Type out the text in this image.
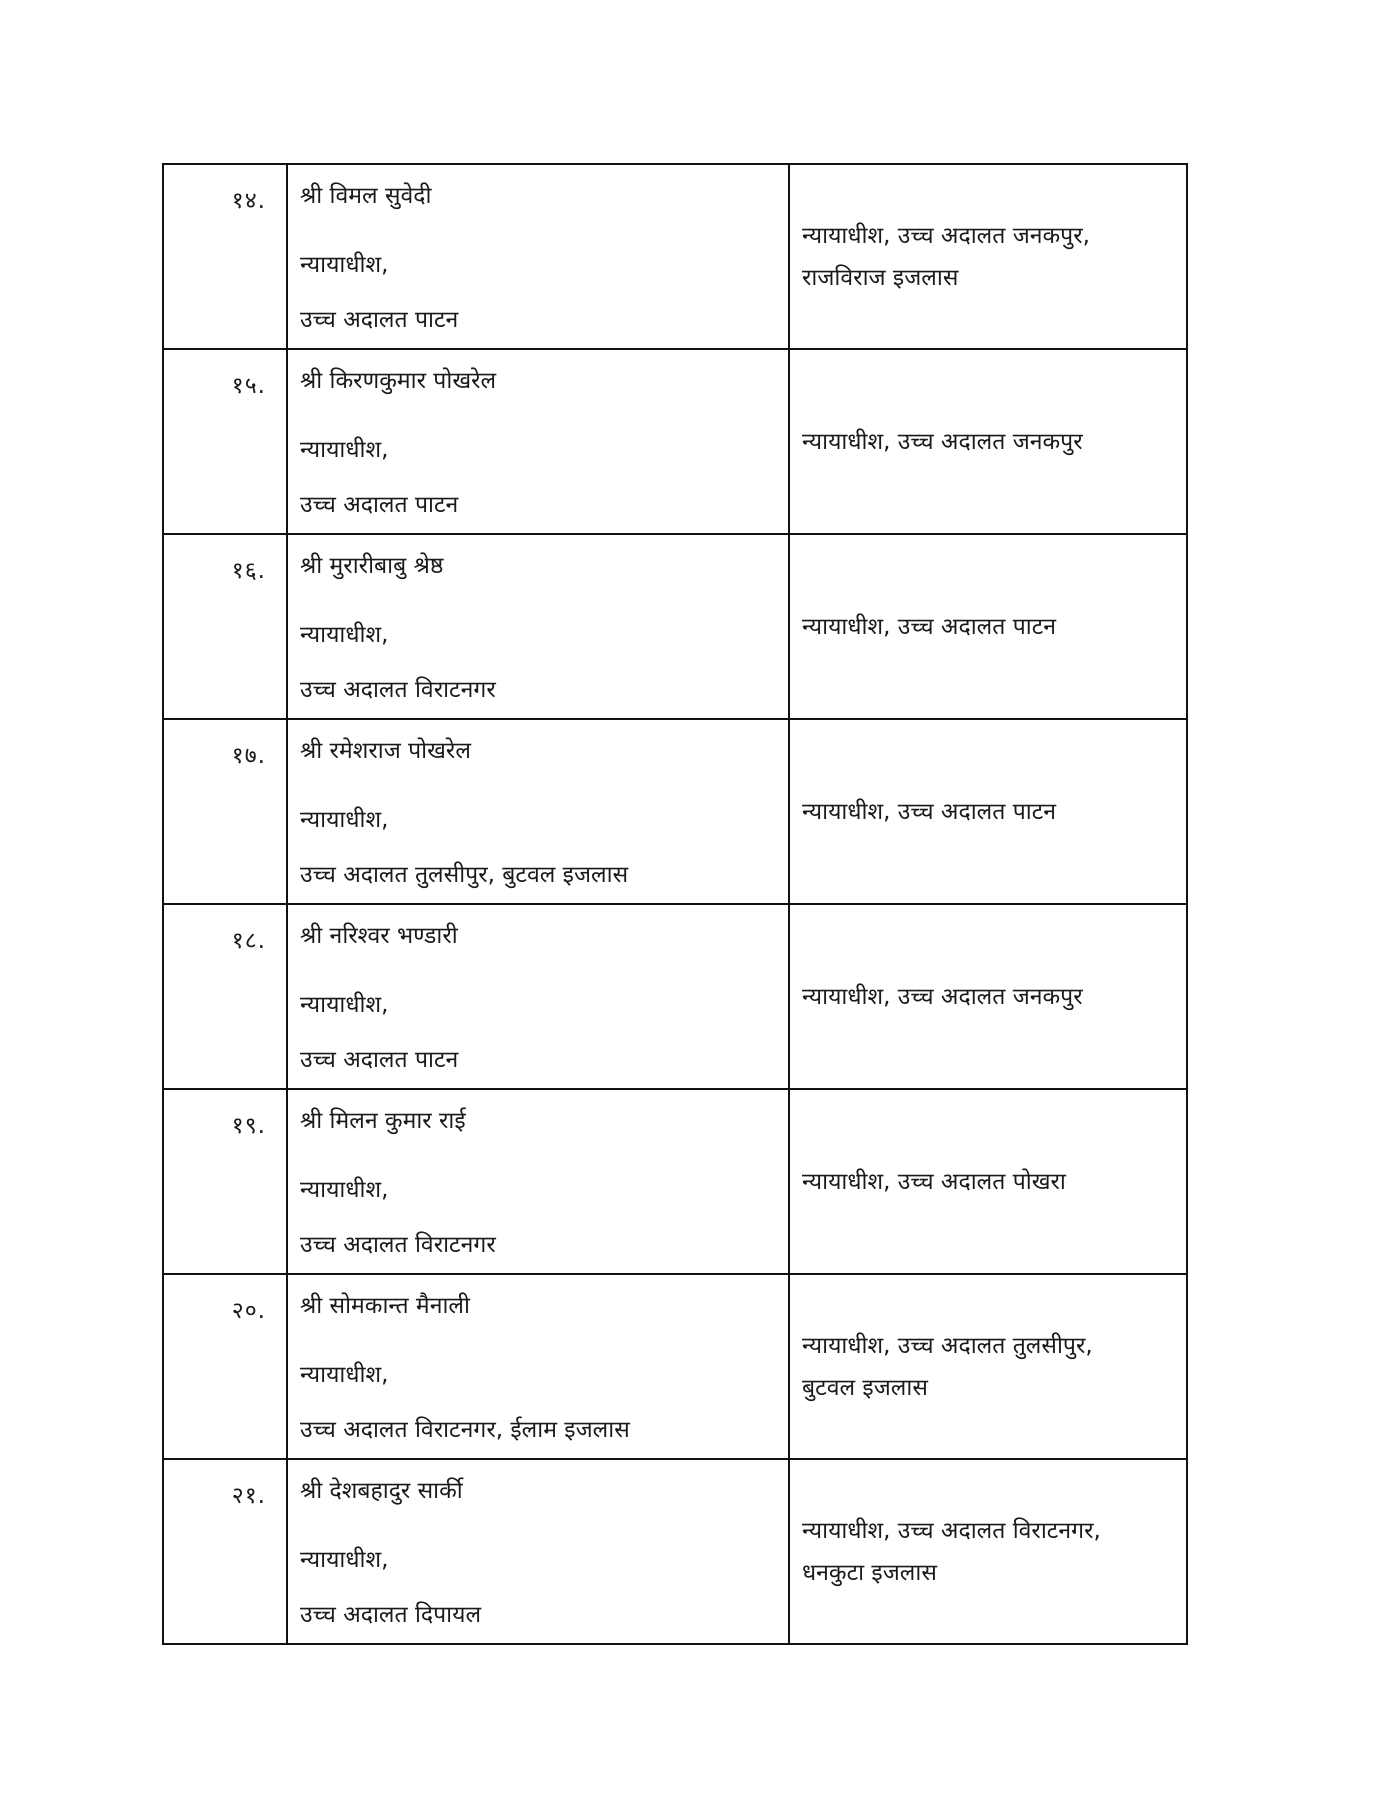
१४.	श्री विमल सुवेदी
न्यायाधीश,
उच्च अदालत पाटन	न्यायाधीश, उच्च अदालत जनकपुर,
राजविराज इजलास

१५.	श्री किरणकुमार पोखरेल
न्यायाधीश,
उच्च अदालत पाटन	न्यायाधीश, उच्च अदालत जनकपुर

१६.	श्री मुरारीबाबु श्रेष्ठ
न्यायाधीश,
उच्च अदालत विराटनगर	न्यायाधीश, उच्च अदालत पाटन

१७.	श्री रमेशराज पोखरेल
न्यायाधीश,
उच्च अदालत तुलसीपुर, बुटवल इजलास	न्यायाधीश, उच्च अदालत पाटन

१८.	श्री नरिश्वर भण्डारी
न्यायाधीश,
उच्च अदालत पाटन	न्यायाधीश, उच्च अदालत जनकपुर

१९.	श्री मिलन कुमार राई
न्यायाधीश,
उच्च अदालत विराटनगर	न्यायाधीश, उच्च अदालत पोखरा

२०.	श्री सोमकान्त मैनाली
न्यायाधीश,
उच्च अदालत विराटनगर, ईलाम इजलास	न्यायाधीश, उच्च अदालत तुलसीपुर,
बुटवल इजलास

२१.	श्री देशबहादुर सार्की
न्यायाधीश,
उच्च अदालत दिपायल	न्यायाधीश, उच्च अदालत विराटनगर,
धनकुटा इजलास
